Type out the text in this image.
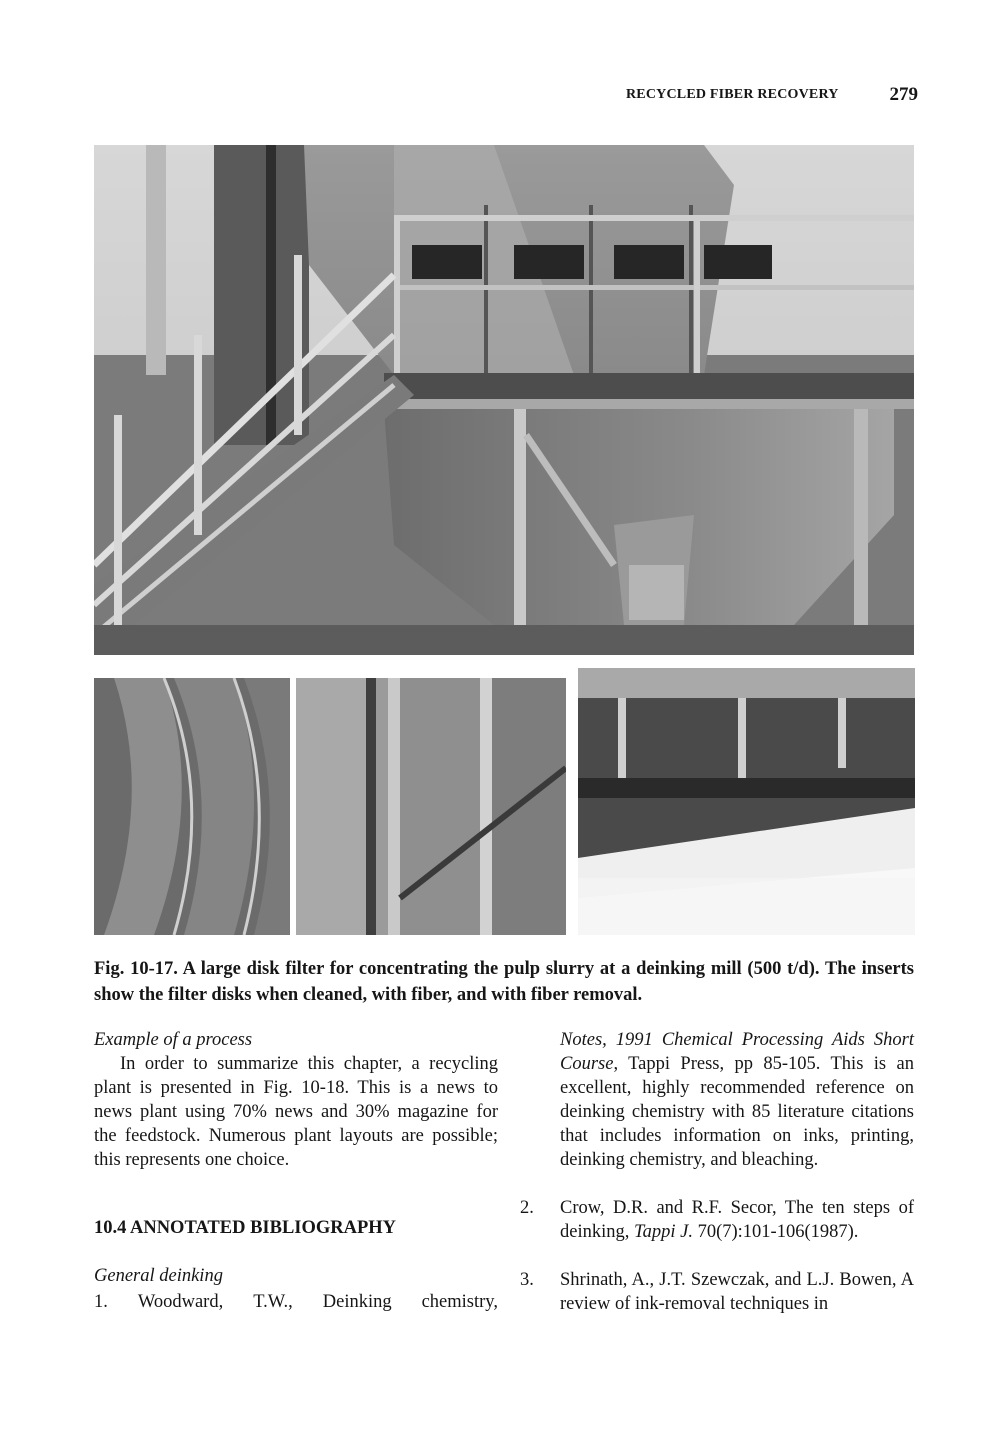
RECYCLED FIBER RECOVERY	279
Fig. 10-17. A large disk filter for concentrating the pulp slurry at a deinking mill (500 t/d). The inserts show the filter disks when cleaned, with fiber, and with fiber removal.
Example of a process

In order to summarize this chapter, a recycling plant is presented in Fig. 10-18. This is a news to news plant using 70% news and 30% magazine for the feedstock. Numerous plant layouts are possible; this represents one choice.

10.4 ANNOTATED BIBLIOGRAPHY
General deinking
1. Woodward, T.W., Deinking chemistry,
Notes, 1991 Chemical Processing Aids Short Course, Tappi Press, pp 85-105. This is an excellent, highly recommended reference on deinking chemistry with 85 literature citations that includes information on inks, printing, deinking chemistry, and bleaching.
2.	Crow, D.R. and R.F. Secor, The ten steps of deinking, Tappi J. 70(7):101-106(1987).
3.	Shrinath, A., J.T. Szewczak, and L.J. Bowen, A review of ink-removal techniques in
